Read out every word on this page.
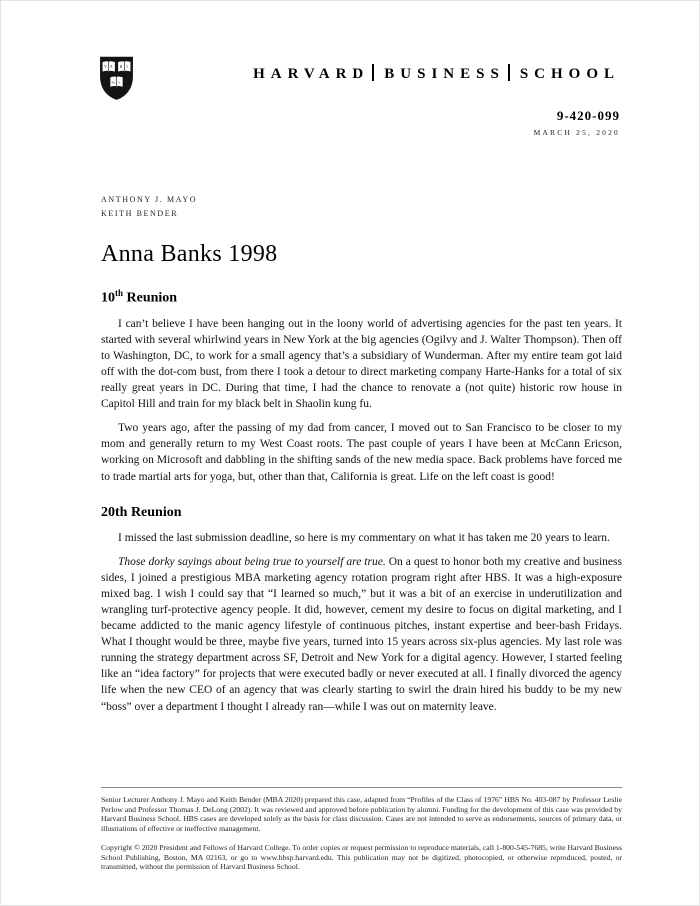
V E R I
TA S
HARVARD BUSINESS SCHOOL
9-420-099
MARCH 25, 2020
ANTHONY J. MAYO
KEITH BENDER
Anna Banks 1998
10th Reunion

I can’t believe I have been hanging out in the loony world of advertising agencies for the past ten years. It started with several whirlwind years in New York at the big agencies (Ogilvy and J. Walter Thompson). Then off to Washington, DC, to work for a small agency that’s a subsidiary of Wunderman. After my entire team got laid off with the dot-com bust, from there I took a detour to direct marketing company Harte-Hanks for a total of six really great years in DC. During that time, I had the chance to renovate a (not quite) historic row house in Capitol Hill and train for my black belt in Shaolin kung fu.

Two years ago, after the passing of my dad from cancer, I moved out to San Francisco to be closer to my mom and generally return to my West Coast roots. The past couple of years I have been at McCann Ericson, working on Microsoft and dabbling in the shifting sands of the new media space. Back problems have forced me to trade martial arts for yoga, but, other than that, California is great. Life on the left coast is good!

20th Reunion

I missed the last submission deadline, so here is my commentary on what it has taken me 20 years to learn.

Those dorky sayings about being true to yourself are true. On a quest to honor both my creative and business sides, I joined a prestigious MBA marketing agency rotation program right after HBS. It was a high-exposure mixed bag. I wish I could say that “I learned so much,” but it was a bit of an exercise in underutilization and wrangling turf-protective agency people. It did, however, cement my desire to focus on digital marketing, and I became addicted to the manic agency lifestyle of continuous pitches, instant expertise and beer-bash Fridays. What I thought would be three, maybe five years, turned into 15 years across six-plus agencies. My last role was running the strategy department across SF, Detroit and New York for a digital agency. However, I started feeling like an “idea factory” for projects that were executed badly or never executed at all. I finally divorced the agency life when the new CEO of an agency that was clearly starting to swirl the drain hired his buddy to be my new “boss” over a department I thought I already ran—while I was out on maternity leave.

Senior Lecturer Anthony J. Mayo and Keith Bender (MBA 2020) prepared this case, adapted from “Profiles of the Class of 1976” HBS No. 403-087 by Professor Leslie Perlow and Professor Thomas J. DeLong (2002). It was reviewed and approved before publication by alumni. Funding for the development of this case was provided by Harvard Business School. HBS cases are developed solely as the basis for class discussion. Cases are not intended to serve as endorsements, sources of primary data, or illustrations of effective or ineffective management.

Copyright © 2020 President and Fellows of Harvard College. To order copies or request permission to reproduce materials, call 1-800-545-7685, write Harvard Business School Publishing, Boston, MA 02163, or go to www.hbsp.harvard.edu. This publication may not be digitized, photocopied, or otherwise reproduced, posted, or transmitted, without the permission of Harvard Business School.
